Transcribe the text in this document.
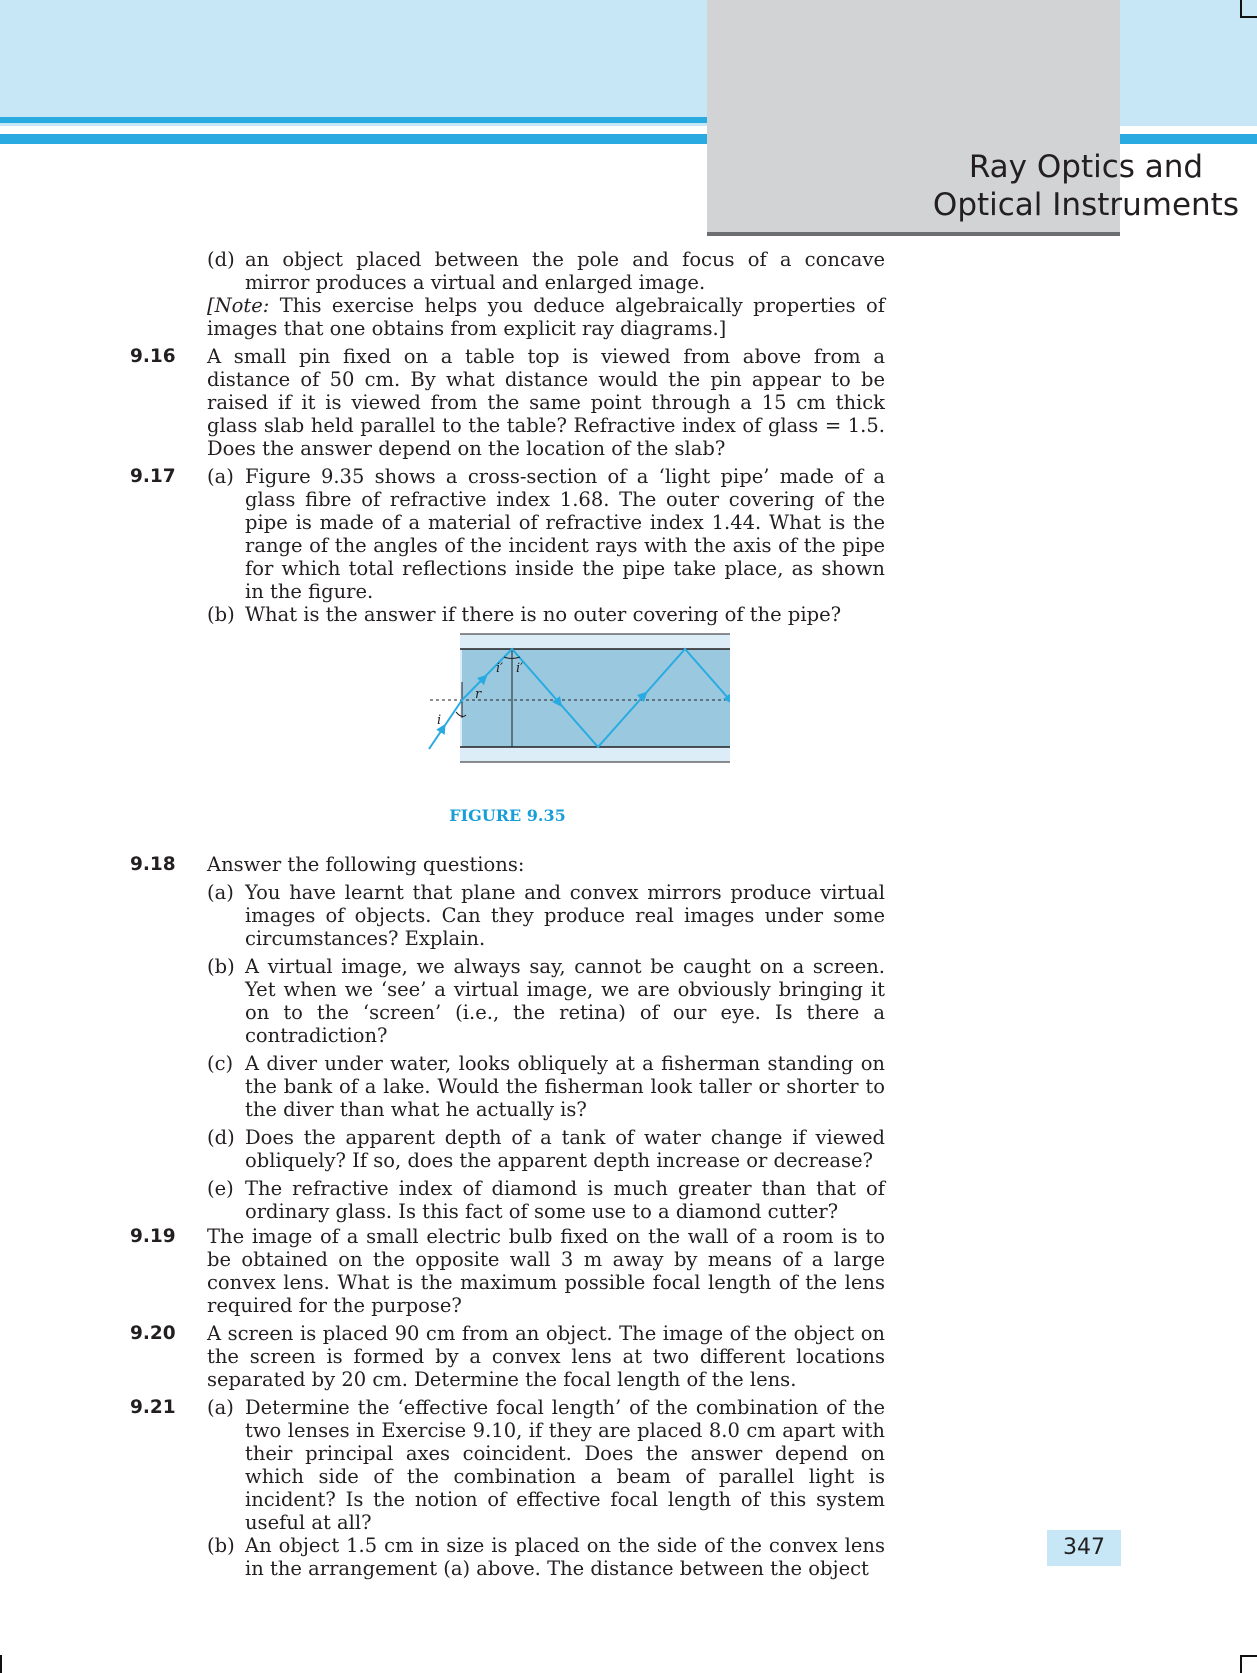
Ray Optics and
Optical Instruments
(d) an object placed between the pole and focus of a concave mirror produces a virtual and enlarged image.
[Note: This exercise helps you deduce algebraically properties of images that one obtains from explicit ray diagrams.]
9.16	A small pin fixed on a table top is viewed from above from a distance of 50 cm. By what distance would the pin appear to be raised if it is viewed from the same point through a 15 cm thick glass slab held parallel to the table? Refractive index of glass = 1.5. Does the answer depend on the location of the slab?
9.17	(a) Figure 9.35 shows a cross-section of a ‘light pipe’ made of a glass fibre of refractive index 1.68. The outer covering of the pipe is made of a material of refractive index 1.44. What is the range of the angles of the incident rays with the axis of the pipe for which total reflections inside the pipe take place, as shown in the figure.
(b) What is the answer if there is no outer covering of the pipe?
i′ i′
r
i
FIGURE 9.35
9.18	Answer the following questions:
(a) You have learnt that plane and convex mirrors produce virtual images of objects. Can they produce real images under some circumstances? Explain.
(b) A virtual image, we always say, cannot be caught on a screen. Yet when we ‘see’ a virtual image, we are obviously bringing it on to the ‘screen’ (i.e., the retina) of our eye. Is there a contradiction?
(c) A diver under water, looks obliquely at a fisherman standing on the bank of a lake. Would the fisherman look taller or shorter to the diver than what he actually is?
(d) Does the apparent depth of a tank of water change if viewed obliquely? If so, does the apparent depth increase or decrease?
(e) The refractive index of diamond is much greater than that of ordinary glass. Is this fact of some use to a diamond cutter?
9.19	The image of a small electric bulb fixed on the wall of a room is to be obtained on the opposite wall 3 m away by means of a large convex lens. What is the maximum possible focal length of the lens required for the purpose?
9.20	A screen is placed 90 cm from an object. The image of the object on the screen is formed by a convex lens at two different locations separated by 20 cm. Determine the focal length of the lens.
9.21	(a) Determine the ‘effective focal length’ of the combination of the two lenses in Exercise 9.10, if they are placed 8.0 cm apart with their principal axes coincident. Does the answer depend on which side of the combination a beam of parallel light is incident? Is the notion of effective focal length of this system useful at all?
(b) An object 1.5 cm in size is placed on the side of the convex lens in the arrangement (a) above. The distance between the object
347
